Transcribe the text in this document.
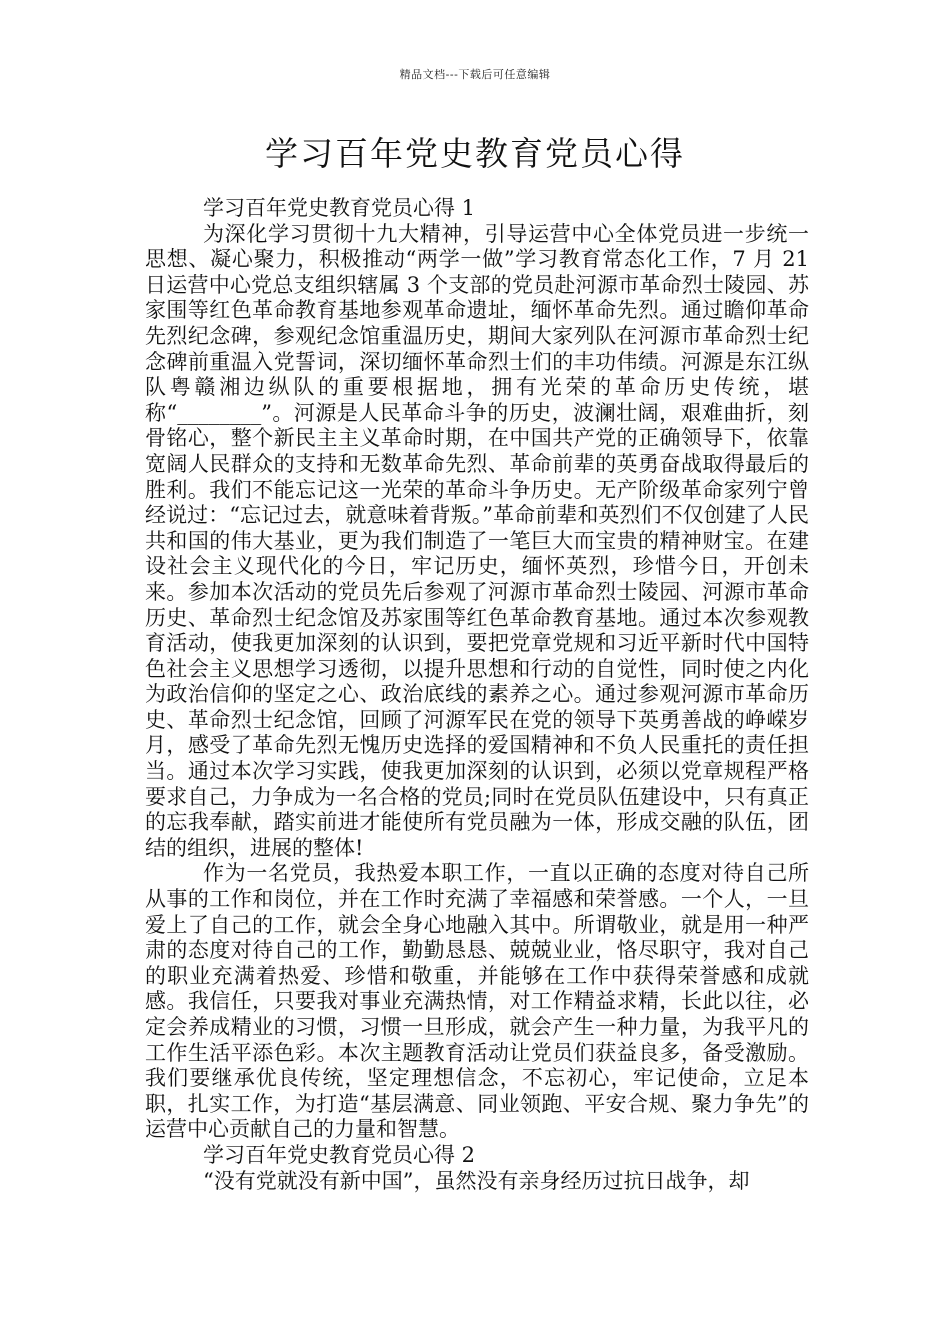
精品文档---下载后可任意编辑
学习百年党史教育党员心得

学习百年党史教育党员心得 1

为深化学习贯彻十九大精神，引导运营中心全体党员进一步统一思想、凝心聚力，积极推动“两学一做”学习教育常态化工作，7 月 21 日运营中心党总支组织辖属 3 个支部的党员赴河源市革命烈士陵园、苏家围等红色革命教育基地参观革命遗址，缅怀革命先烈。通过瞻仰革命先烈纪念碑，参观纪念馆重温历史，期间大家列队在河源市革命烈士纪念碑前重温入党誓词，深切缅怀革命烈士们的丰功伟绩。河源是东江纵队粤赣湘边纵队的重要根据地，拥有光荣的革命历史传统，堪称“________”。河源是人民革命斗争的历史，波澜壮阔，艰难曲折，刻骨铭心，整个新民主主义革命时期，在中国共产党的正确领导下，依靠宽阔人民群众的支持和无数革命先烈、革命前辈的英勇奋战取得最后的胜利。我们不能忘记这一光荣的革命斗争历史。无产阶级革命家列宁曾经说过：“忘记过去，就意味着背叛。”革命前辈和英烈们不仅创建了人民共和国的伟大基业，更为我们制造了一笔巨大而宝贵的精神财宝。在建设社会主义现代化的今日，牢记历史，缅怀英烈，珍惜今日，开创未来。参加本次活动的党员先后参观了河源市革命烈士陵园、河源市革命历史、革命烈士纪念馆及苏家围等红色革命教育基地。通过本次参观教育活动，使我更加深刻的认识到，要把党章党规和习近平新时代中国特色社会主义思想学习透彻，以提升思想和行动的自觉性，同时使之内化为政治信仰的坚定之心、政治底线的素养之心。通过参观河源市革命历史、革命烈士纪念馆，回顾了河源军民在党的领导下英勇善战的峥嵘岁月，感受了革命先烈无愧历史选择的爱国精神和不负人民重托的责任担当。通过本次学习实践，使我更加深刻的认识到，必须以党章规程严格要求自己，力争成为一名合格的党员;同时在党员队伍建设中，只有真正的忘我奉献，踏实前进才能使所有党员融为一体，形成交融的队伍，团结的组织，进展的整体!

作为一名党员，我热爱本职工作，一直以正确的态度对待自己所从事的工作和岗位，并在工作时充满了幸福感和荣誉感。一个人，一旦爱上了自己的工作，就会全身心地融入其中。所谓敬业，就是用一种严肃的态度对待自己的工作，勤勤恳恳、兢兢业业，恪尽职守，我对自己的职业充满着热爱、珍惜和敬重，并能够在工作中获得荣誉感和成就感。我信任，只要我对事业充满热情，对工作精益求精，长此以往，必定会养成精业的习惯，习惯一旦形成，就会产生一种力量，为我平凡的工作生活平添色彩。本次主题教育活动让党员们获益良多，备受激励。我们要继承优良传统，坚定理想信念，不忘初心，牢记使命，立足本职，扎实工作，为打造“基层满意、同业领跑、平安合规、聚力争先”的运营中心贡献自己的力量和智慧。

学习百年党史教育党员心得 2

“没有党就没有新中国”，虽然没有亲身经历过抗日战争，却
